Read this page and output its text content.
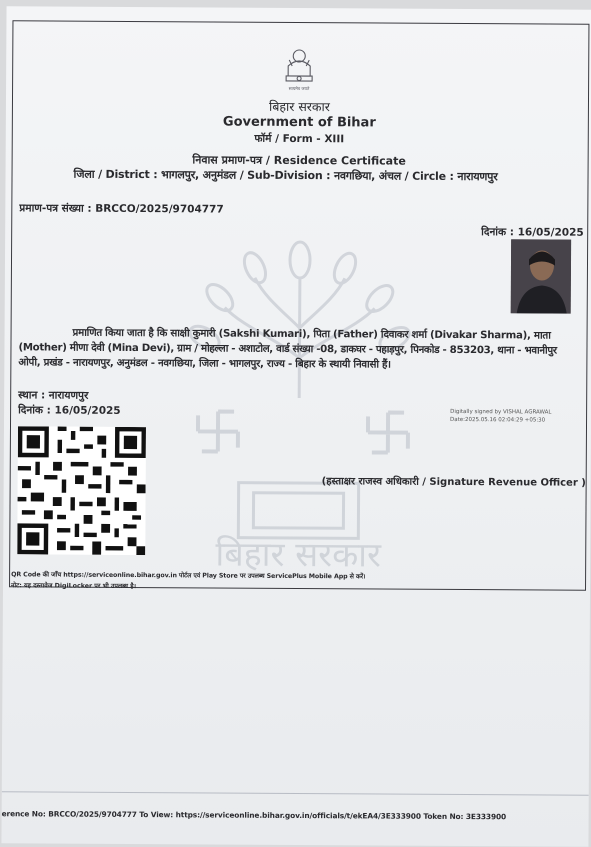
सत्यमेव जयते
बिहार सरकार
Government of Bihar
फॉर्म / Form - XIII
निवास प्रमाण-पत्र / Residence Certificate
जिला / District : भागलपुर, अनुमंडल / Sub-Division : नवगछिया, अंचल / Circle : नारायणपुर
प्रमाण-पत्र संख्या : BRCCO/2025/9704777
दिनांक : 16/05/2025
बिहार सरकार
प्रमाणित किया जाता है कि साक्षी कुमारी (Sakshi Kumari), पिता (Father) दिवाकर शर्मा (Divakar Sharma), माता
(Mother) मीणा देवी (Mina Devi), ग्राम / मोहल्ला - अशाटोल, वार्ड संख्या -08, डाकघर - पहाड़पुर, पिनकोड - 853203, थाना - भवानीपुर
ओपी, प्रखंड - नारायणपुर, अनुमंडल - नवगछिया, जिला - भागलपुर, राज्य - बिहार के स्थायी निवासी हैं।
स्थान : नारायणपुर
दिनांक : 16/05/2025	Digitally signed by VISHAL AGRAWAL
Date:2025.05.16 02:04:29 +05:30
(हस्ताक्षर राजस्व अधिकारी / Signature Revenue Officer )
QR Code की जाँच https://serviceonline.bihar.gov.in पोर्टल एवं Play Store पर उपलब्ध ServicePlus Mobile App से करें।
नोट: यह दस्तावेज DigiLocker पर भी उपलब्ध है।
erence No: BRCCO/2025/9704777 To View: https://serviceonline.bihar.gov.in/officials/t/ekEA4/3E333900 Token No: 3E333900
